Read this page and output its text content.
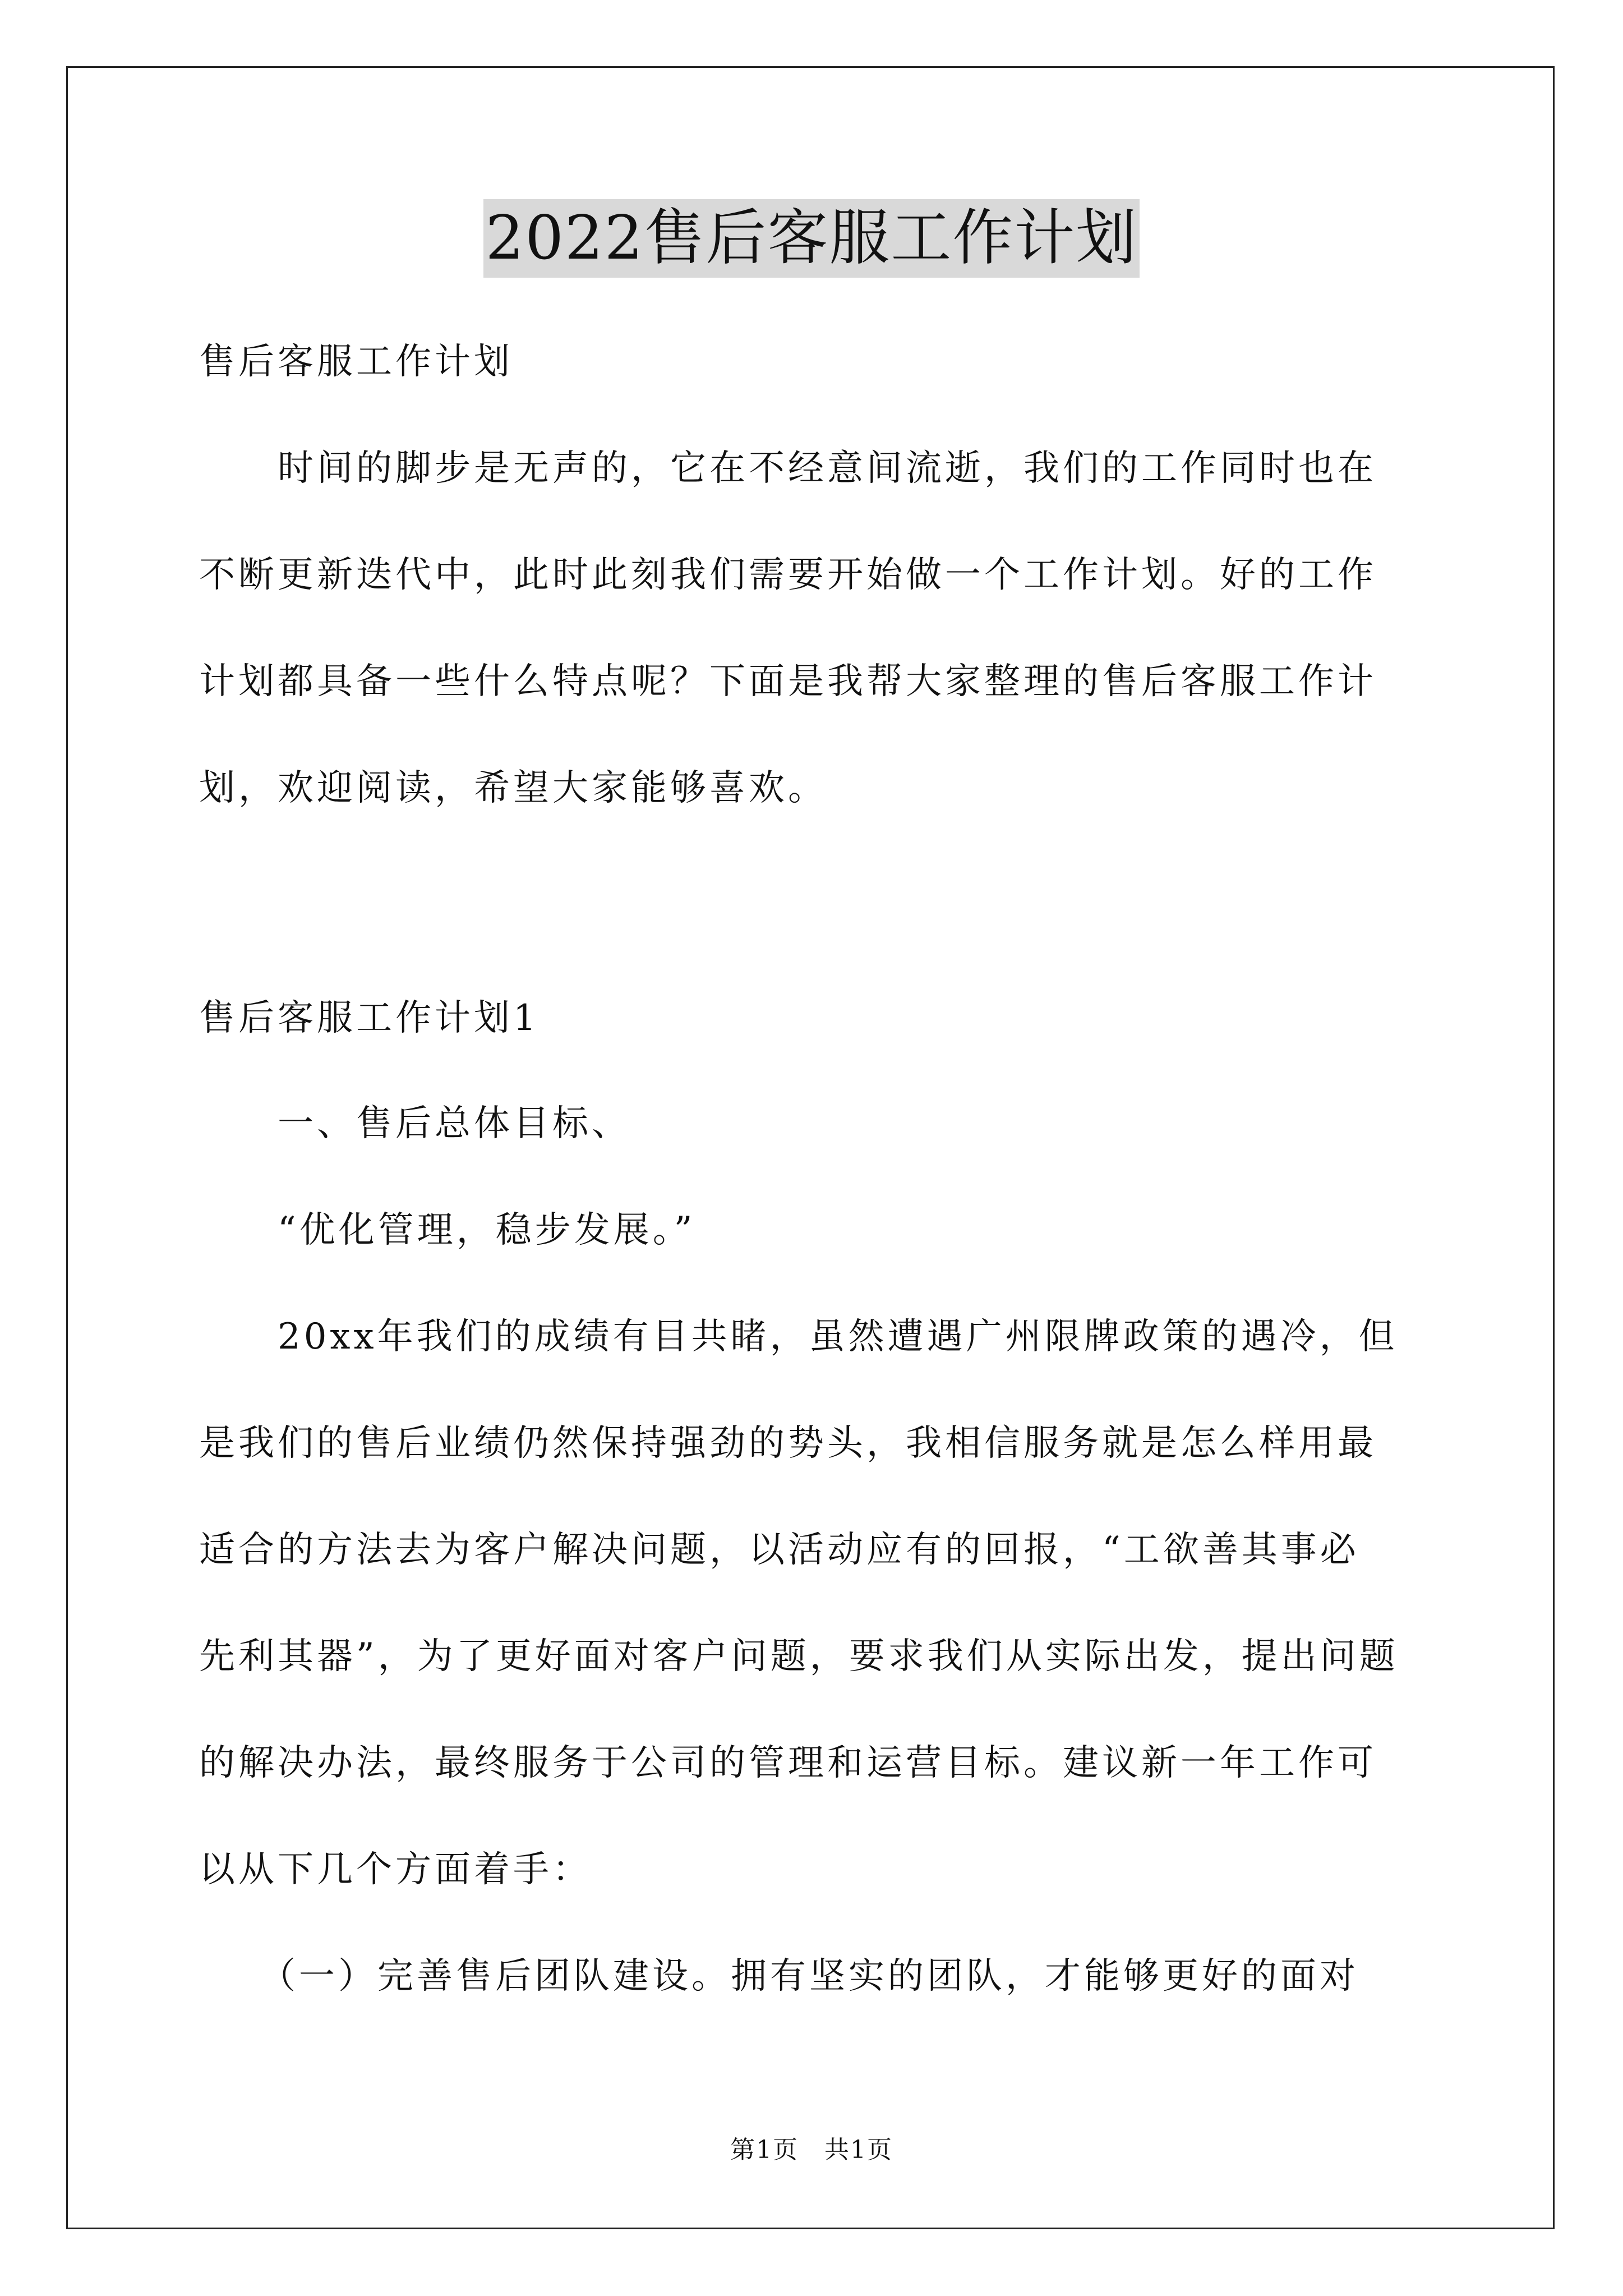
2022售后客服工作计划
售后客服工作计划
　　时间的脚步是无声的，它在不经意间流逝，我们的工作同时也在
不断更新迭代中，此时此刻我们需要开始做一个工作计划。好的工作
计划都具备一些什么特点呢？下面是我帮大家整理的售后客服工作计
划，欢迎阅读，希望大家能够喜欢。
售后客服工作计划1
　　一、售后总体目标、
　　“优化管理，稳步发展。”
　　20xx年我们的成绩有目共睹，虽然遭遇广州限牌政策的遇冷，但
是我们的售后业绩仍然保持强劲的势头，我相信服务就是怎么样用最
适合的方法去为客户解决问题，以活动应有的回报，“工欲善其事必
先利其器”，为了更好面对客户问题，要求我们从实际出发，提出问题
的解决办法，最终服务于公司的管理和运营目标。建议新一年工作可
以从下几个方面着手：
　　（一）完善售后团队建设。拥有坚实的团队，才能够更好的面对
第1页　共1页
